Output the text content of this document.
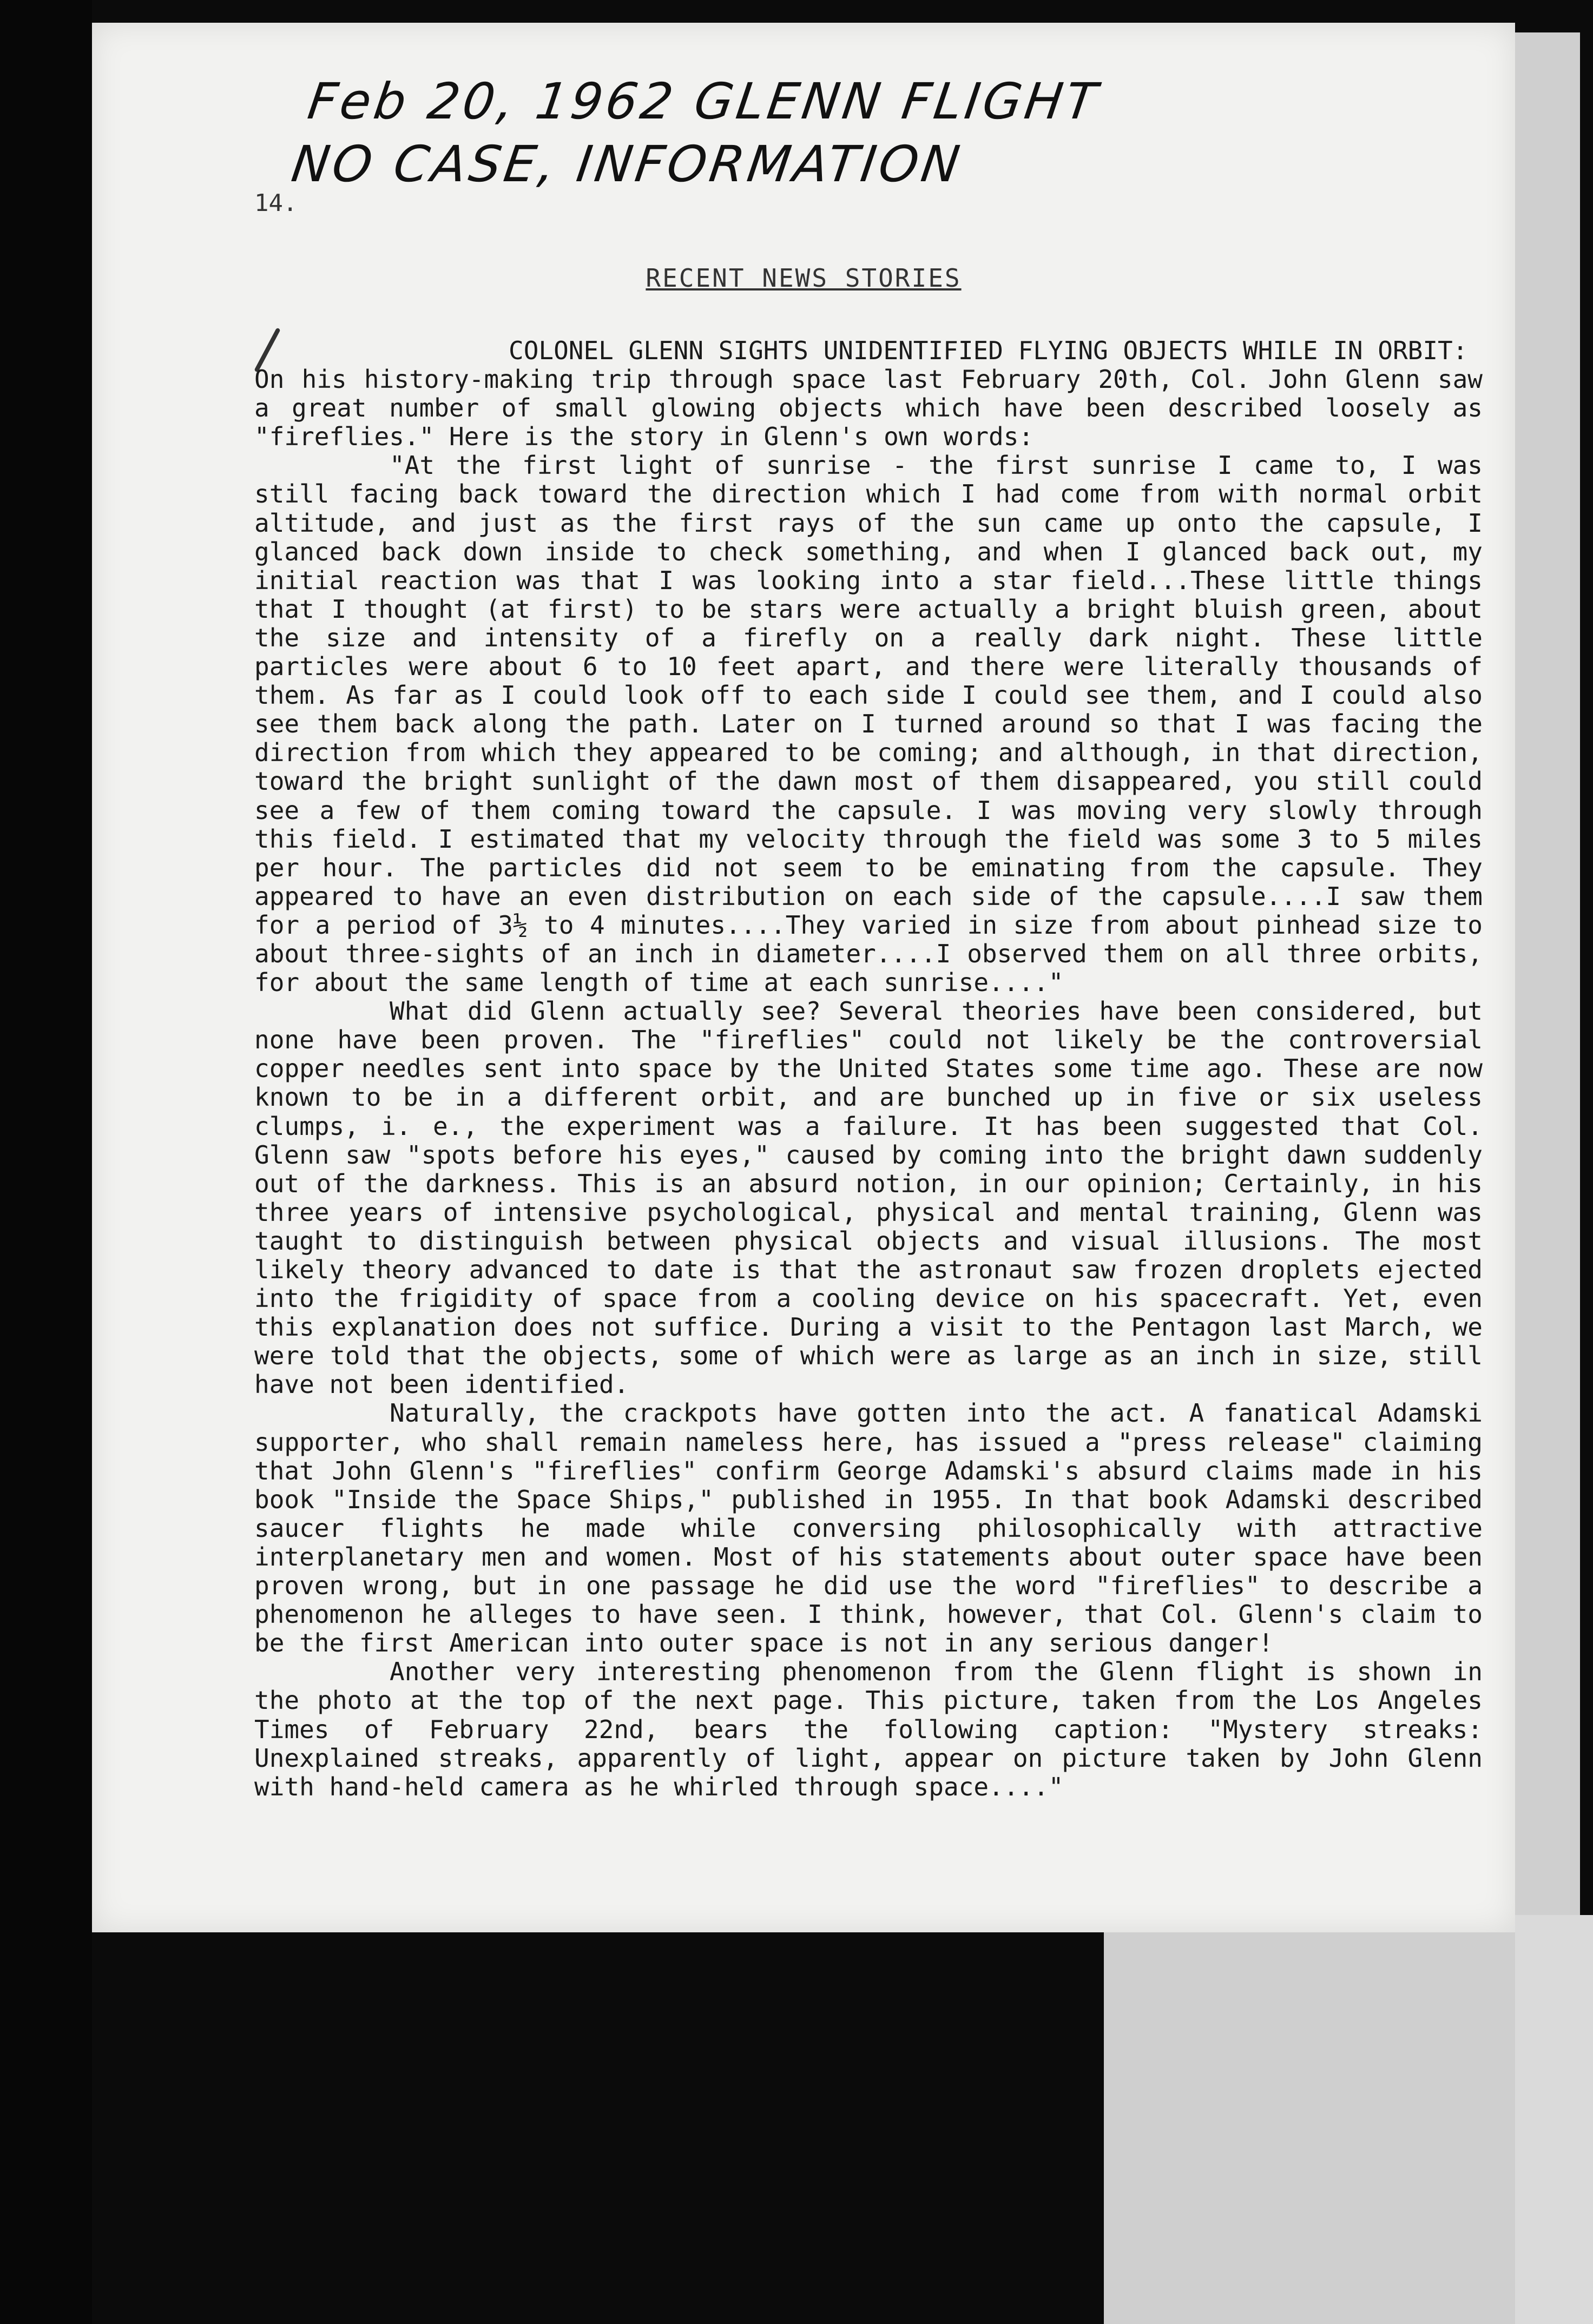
Feb 20, 1962 GLENN FLIGHT
NO CASE, INFORMATION
14.
RECENT NEWS STORIES

COLONEL GLENN SIGHTS UNIDENTIFIED FLYING OBJECTS WHILE IN ORBIT:
On his history-making trip through space last February 20th, Col. John Glenn saw a great number of small glowing objects which have been described loosely as "fireflies." Here is the story in Glenn's own words:

"At the first light of sunrise - the first sunrise I came to, I was still facing back toward the direction which I had come from with normal orbit altitude, and just as the first rays of the sun came up onto the capsule, I glanced back down inside to check something, and when I glanced back out, my initial reaction was that I was looking into a star field...These little things that I thought (at first) to be stars were actually a bright bluish green, about the size and intensity of a firefly on a really dark night. These little particles were about 6 to 10 feet apart, and there were literally thousands of them. As far as I could look off to each side I could see them, and I could also see them back along the path. Later on I turned around so that I was facing the direction from which they appeared to be coming; and although, in that direction, toward the bright sunlight of the dawn most of them disappeared, you still could see a few of them coming toward the capsule. I was moving very slowly through this field. I estimated that my velocity through the field was some 3 to 5 miles per hour. The particles did not seem to be eminating from the capsule. They appeared to have an even distribution on each side of the capsule....I saw them for a period of 3½ to 4 minutes....They varied in size from about pinhead size to about three-sights of an inch in diameter....I observed them on all three orbits, for about the same length of time at each sunrise...."

What did Glenn actually see? Several theories have been considered, but none have been proven. The "fireflies" could not likely be the controversial copper needles sent into space by the United States some time ago. These are now known to be in a different orbit, and are bunched up in five or six useless clumps, i. e., the experiment was a failure. It has been suggested that Col. Glenn saw "spots before his eyes," caused by coming into the bright dawn suddenly out of the darkness. This is an absurd notion, in our opinion; Certainly, in his three years of intensive psychological, physical and mental training, Glenn was taught to distinguish between physical objects and visual illusions. The most likely theory advanced to date is that the astronaut saw frozen droplets ejected into the frigidity of space from a cooling device on his spacecraft. Yet, even this explanation does not suffice. During a visit to the Pentagon last March, we were told that the objects, some of which were as large as an inch in size, still have not been identified.

Naturally, the crackpots have gotten into the act. A fanatical Adamski supporter, who shall remain nameless here, has issued a "press release" claiming that John Glenn's "fireflies" confirm George Adamski's absurd claims made in his book "Inside the Space Ships," published in 1955. In that book Adamski described saucer flights he made while conversing philosophically with attractive interplanetary men and women. Most of his statements about outer space have been proven wrong, but in one passage he did use the word "fireflies" to describe a phenomenon he alleges to have seen. I think, however, that Col. Glenn's claim to be the first American into outer space is not in any serious danger!

Another very interesting phenomenon from the Glenn flight is shown in the photo at the top of the next page. This picture, taken from the Los Angeles Times of February 22nd, bears the following caption: "Mystery streaks: Unexplained streaks, apparently of light, appear on picture taken by John Glenn with hand-held camera as he whirled through space...."
